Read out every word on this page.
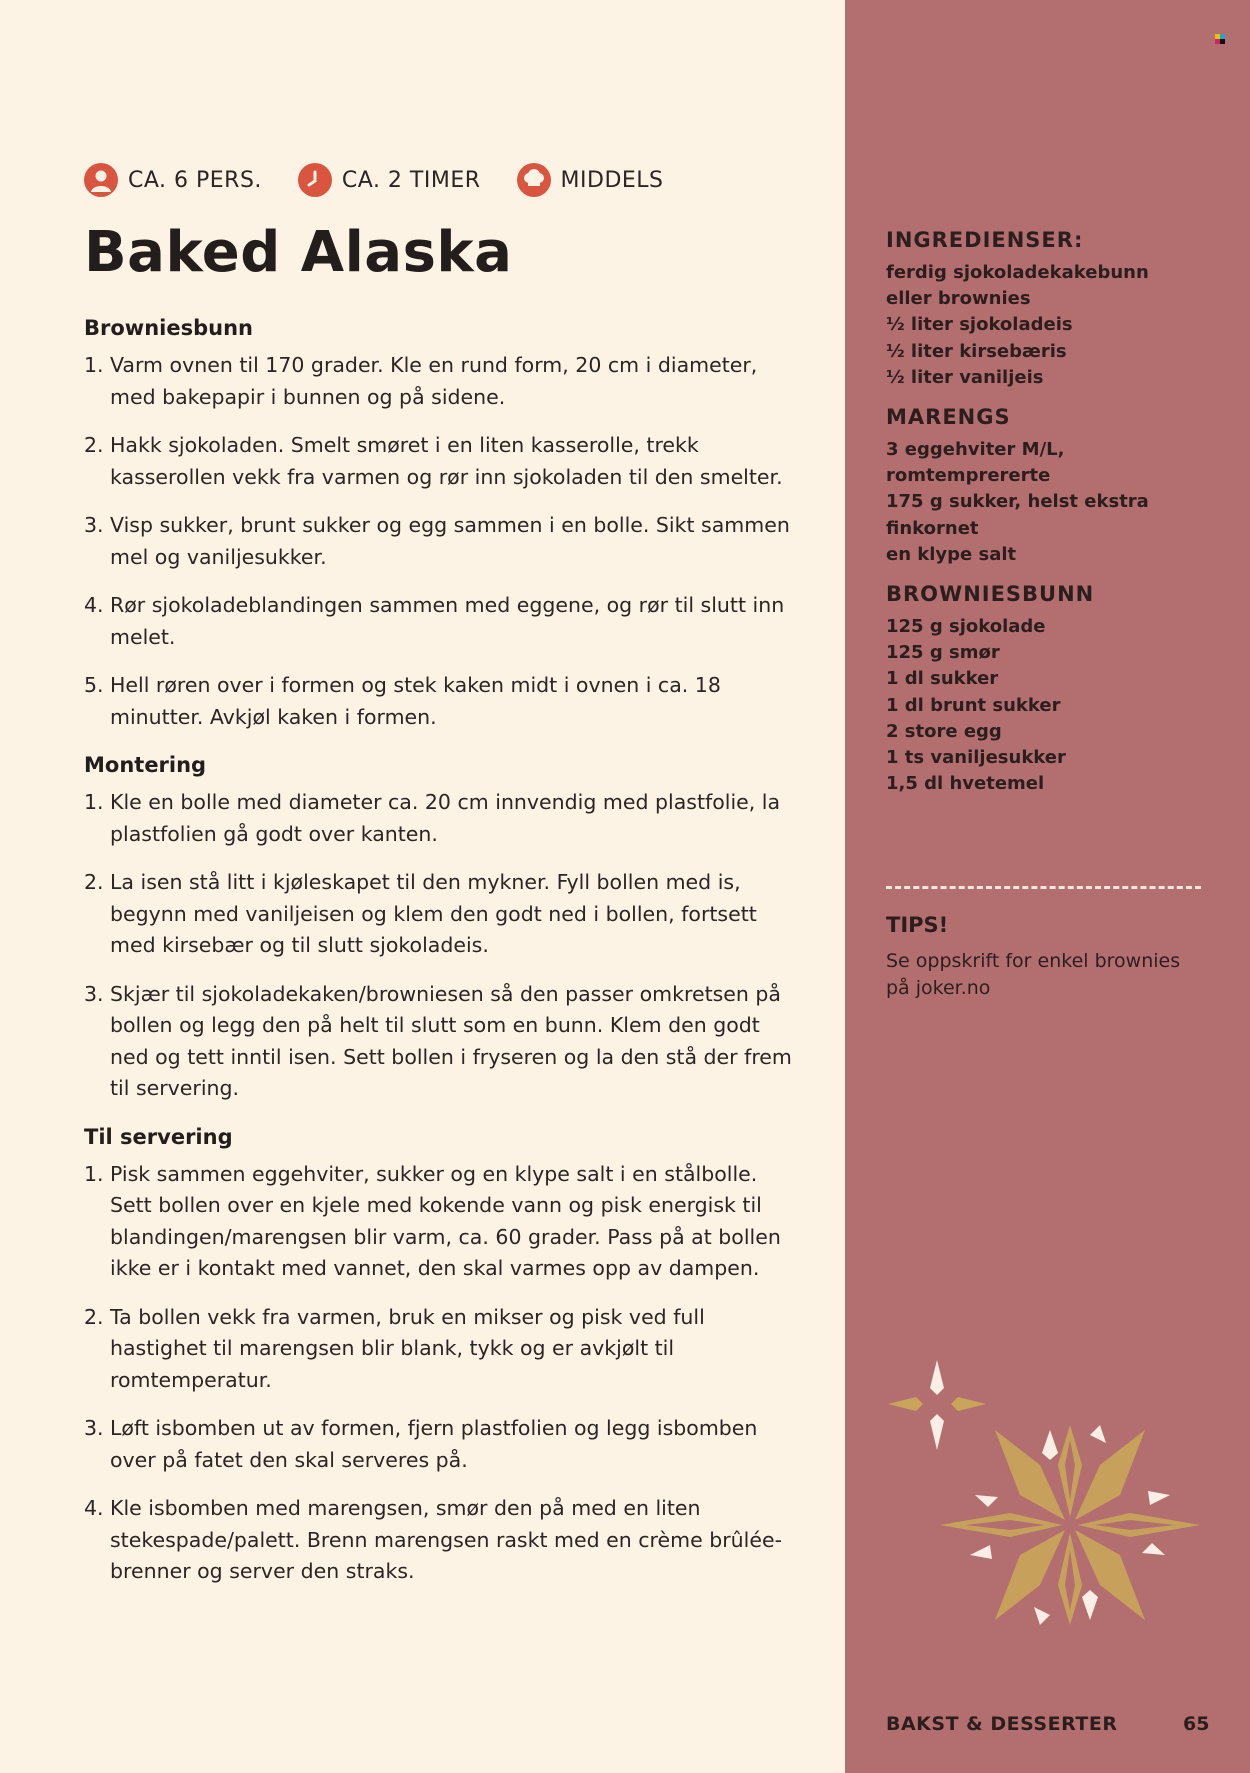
CA. 6 PERS.	CA. 2 TIMER	MIDDELS
Baked Alaska
Browniesbunn
1. Varm ovnen til 170 grader. Kle en rund form, 20 cm i diameter, med bakepapir i bunnen og på sidene.
2. Hakk sjokoladen. Smelt smøret i en liten kasserolle, trekk kasserollen vekk fra varmen og rør inn sjokoladen til den smelter.
3. Visp sukker, brunt sukker og egg sammen i en bolle. Sikt sammen mel og vaniljesukker.
4. Rør sjokoladeblandingen sammen med eggene, og rør til slutt inn melet.
5. Hell røren over i formen og stek kaken midt i ovnen i ca. 18 minutter. Avkjøl kaken i formen.
Montering
1. Kle en bolle med diameter ca. 20 cm innvendig med plastfolie, la plastfolien gå godt over kanten.
2. La isen stå litt i kjøleskapet til den mykner. Fyll bollen med is, begynn med vaniljeisen og klem den godt ned i bollen, fortsett med kirsebær og til slutt sjokoladeis.
3. Skjær til sjokoladekaken/browniesen så den passer omkretsen på bollen og legg den på helt til slutt som en bunn. Klem den godt ned og tett inntil isen. Sett bollen i fryseren og la den stå der frem til servering.
Til servering
1. Pisk sammen eggehviter, sukker og en klype salt i en stålbolle. Sett bollen over en kjele med kokende vann og pisk energisk til blandingen/marengsen blir varm, ca. 60 grader. Pass på at bollen ikke er i kontakt med vannet, den skal varmes opp av dampen.
2. Ta bollen vekk fra varmen, bruk en mikser og pisk ved full hastighet til marengsen blir blank, tykk og er avkjølt til romtemperatur.
3. Løft isbomben ut av formen, fjern plastfolien og legg isbomben over på fatet den skal serveres på.
4. Kle isbomben med marengsen, smør den på med en liten stekespade/palett. Brenn marengsen raskt med en crème brûlée-brenner og server den straks.
INGREDIENSER:
ferdig sjokoladekakebunn
eller brownies
½ liter sjokoladeis
½ liter kirsebæris
½ liter vaniljeis
MARENGS
3 eggehviter M/L,
romtemprererte
175 g sukker, helst ekstra
finkornet
en klype salt
BROWNIESBUNN
125 g sjokolade
125 g smør
1 dl sukker
1 dl brunt sukker
2 store egg
1 ts vaniljesukker
1,5 dl hvetemel
TIPS!
Se oppskrift for enkel brownies på joker.no
BAKST & DESSERTER	65
